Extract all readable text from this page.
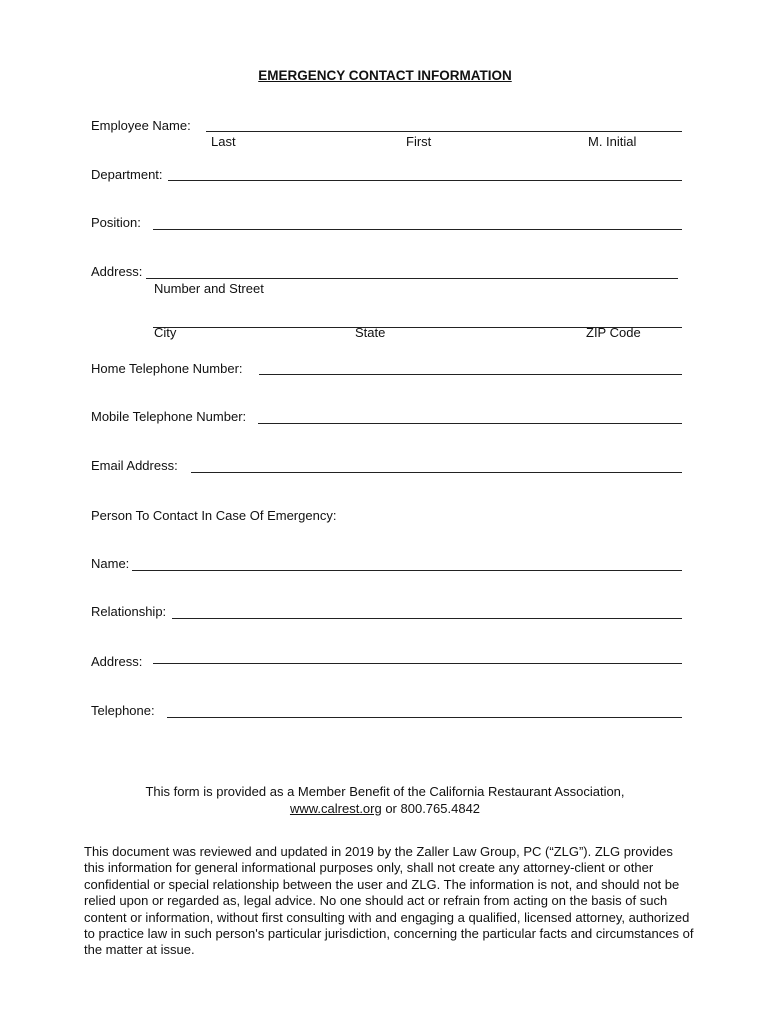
EMERGENCY CONTACT INFORMATION
Employee Name:
Last	First	M. Initial
Department:
Position:
Address:
Number and Street
City	State	ZIP Code
Home Telephone Number:
Mobile Telephone Number:
Email Address:
Person To Contact In Case Of Emergency:
Name:
Relationship:
Address:
Telephone:
This form is provided as a Member Benefit of the California Restaurant Association,
www.calrest.org or 800.765.4842
This document was reviewed and updated in 2019 by the Zaller Law Group, PC (“ZLG”). ZLG provides this information for general informational purposes only, shall not create any attorney-client or other confidential or special relationship between the user and ZLG. The information is not, and should not be relied upon or regarded as, legal advice. No one should act or refrain from acting on the basis of such content or information, without first consulting with and engaging a qualified, licensed attorney, authorized to practice law in such person's particular jurisdiction, concerning the particular facts and circumstances of the matter at issue.
